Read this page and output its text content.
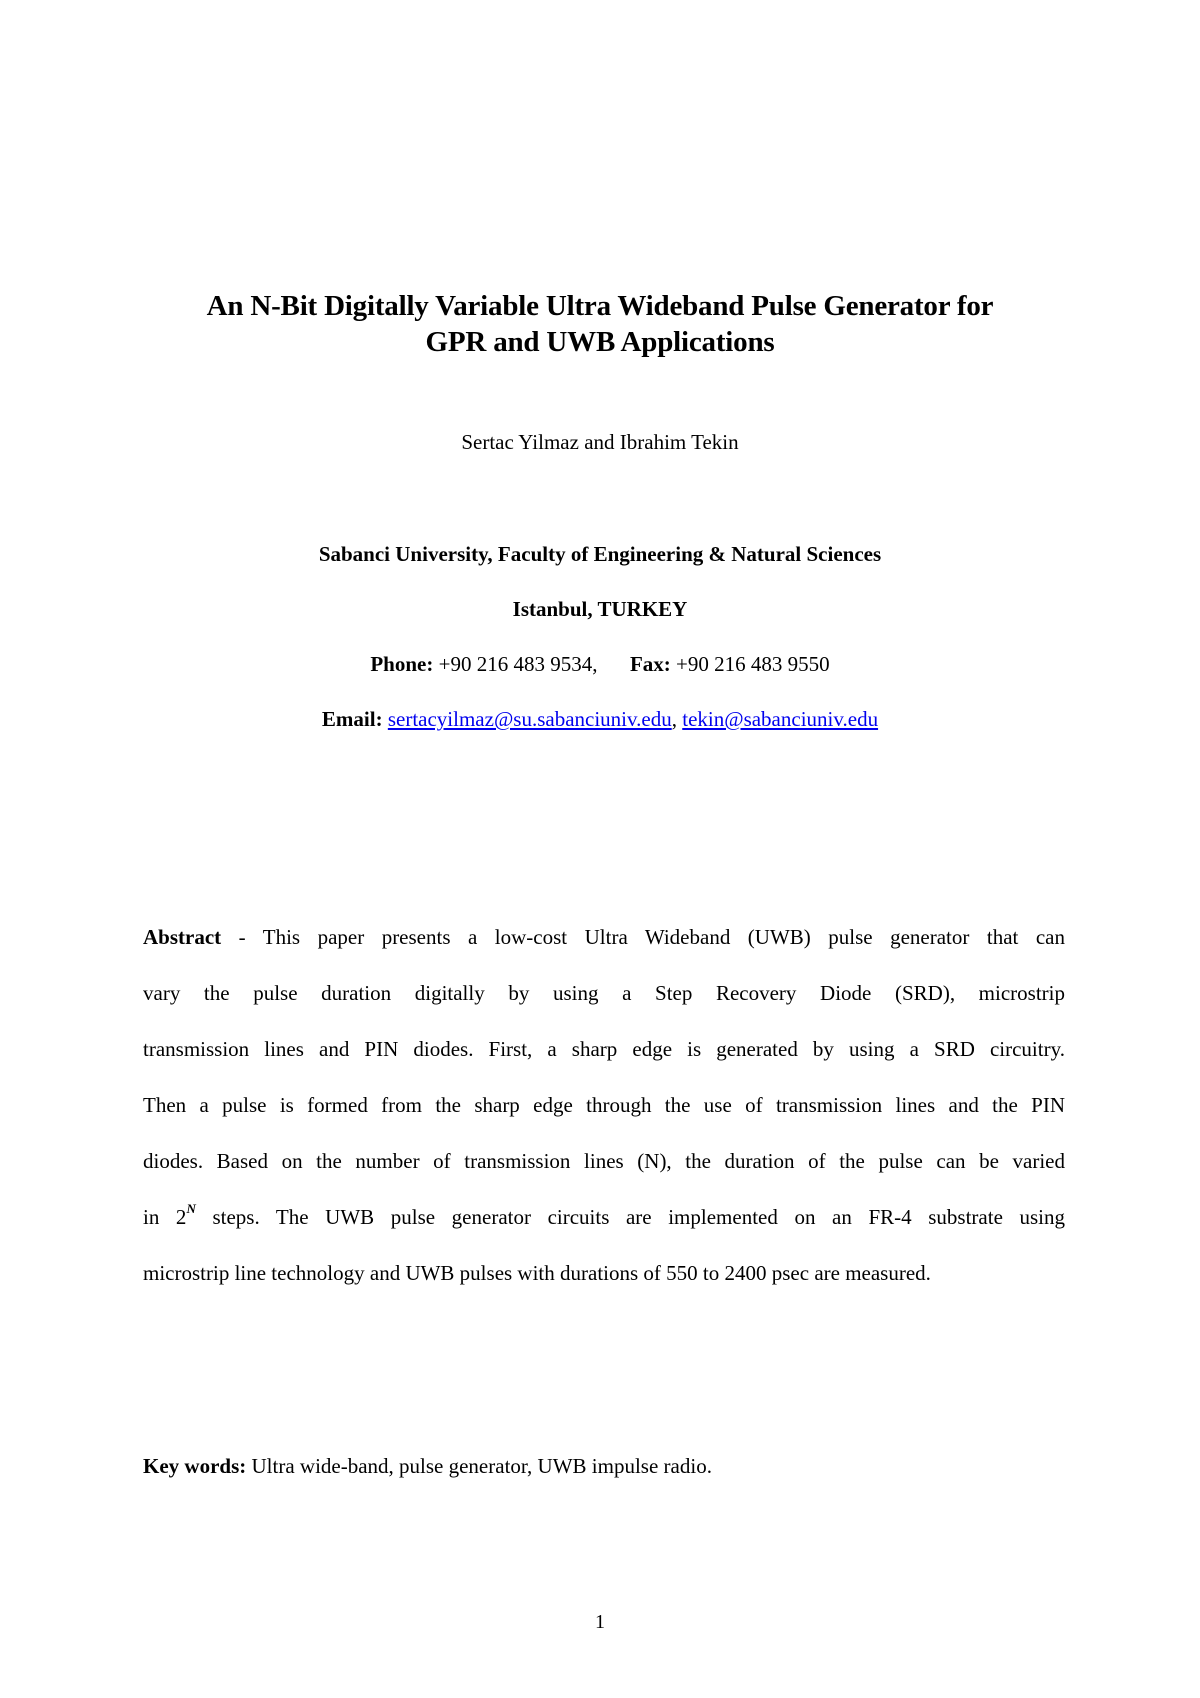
An N-Bit Digitally Variable Ultra Wideband Pulse Generator for
GPR and UWB Applications
Sertac Yilmaz and Ibrahim Tekin
Sabanci University, Faculty of Engineering & Natural Sciences
Istanbul, TURKEY
Phone: +90 216 483 9534, Fax: +90 216 483 9550
Email: sertacyilmaz@su.sabanciuniv.edu, tekin@sabanciuniv.edu
Abstract - This paper presents a low-cost Ultra Wideband (UWB) pulse generator that can
vary the pulse duration digitally by using a Step Recovery Diode (SRD), microstrip
transmission lines and PIN diodes. First, a sharp edge is generated by using a SRD circuitry.
Then a pulse is formed from the sharp edge through the use of transmission lines and the PIN
diodes. Based on the number of transmission lines (N), the duration of the pulse can be varied
in $2^N$ steps. The UWB pulse generator circuits are implemented on an FR-4 substrate using
microstrip line technology and UWB pulses with durations of 550 to 2400 psec are measured.
Key words: Ultra wide-band, pulse generator, UWB impulse radio.
1
